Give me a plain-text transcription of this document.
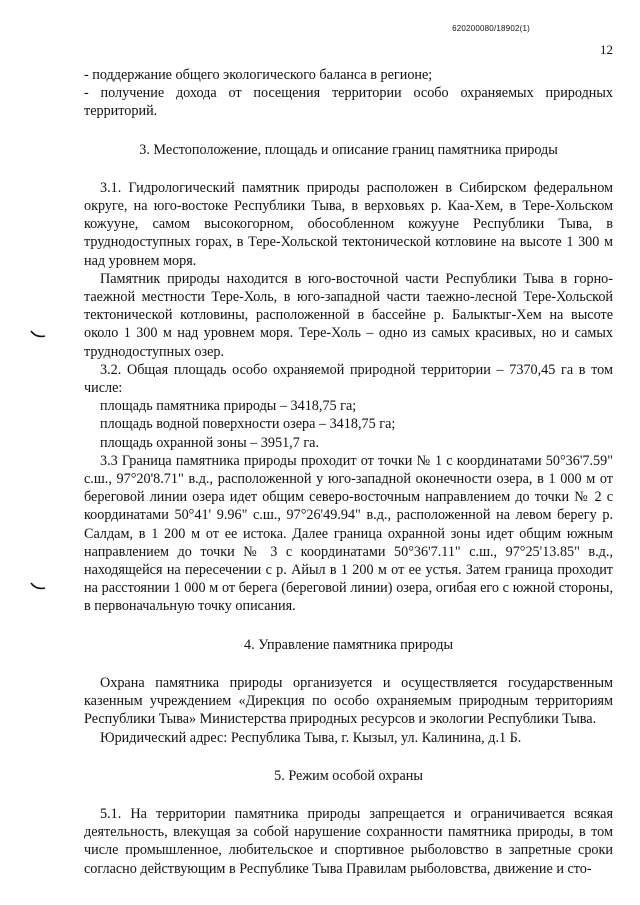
620200080/18902(1)
12

- поддержание общего экологического баланса в регионе;

- получение дохода от посещения территории особо охраняемых природных территорий.

3. Местоположение, площадь и описание границ памятника природы

3.1. Гидрологический памятник природы расположен в Сибирском федеральном округе, на юго-востоке Республики Тыва, в верховьях р. Каа-Хем, в Тере-Хольском кожууне, самом высокогорном, обособленном кожууне Республики Тыва, в труднодоступных горах, в Тере-Хольской тектонической котловине на высоте 1 300 м над уровнем моря.

Памятник природы находится в юго-восточной части Республики Тыва в горно-таежной местности Тере-Холь, в юго-западной части таежно-лесной Тере-Хольской тектонической котловины, расположенной в бассейне р. Балыктыг-Хем на высоте около 1 300 м над уровнем моря. Тере-Холь – одно из самых красивых, но и самых труднодоступных озер.

3.2. Общая площадь особо охраняемой природной территории – 7370,45 га в том числе:

площадь памятника природы – 3418,75 га;

площадь водной поверхности озера – 3418,75 га;

площадь охранной зоны – 3951,7 га.

3.3 Граница памятника природы проходит от точки № 1 с координатами 50°36'7.59" с.ш., 97°20'8.71" в.д., расположенной у юго-западной оконечности озера, в 1 000 м от береговой линии озера идет общим северо-восточным направлением до точки № 2 с координатами 50°41' 9.96" с.ш., 97°26'49.94" в.д., расположенной на левом берегу р. Салдам, в 1 200 м от ее истока. Далее граница охранной зоны идет общим южным направлением до точки № 3 с координатами 50°36'7.11" с.ш., 97°25'13.85" в.д., находящейся на пересечении с р. Айыл в 1 200 м от ее устья. Затем граница проходит на расстоянии 1 000 м от берега (береговой линии) озера, огибая его с южной стороны, в первоначальную точку описания.

4. Управление памятника природы

Охрана памятника природы организуется и осуществляется государственным казенным учреждением «Дирекция по особо охраняемым природным территориям Республики Тыва» Министерства природных ресурсов и экологии Республики Тыва.

Юридический адрес: Республика Тыва, г. Кызыл, ул. Калинина, д.1 Б.

5. Режим особой охраны

5.1. На территории памятника природы запрещается и ограничивается всякая деятельность, влекущая за собой нарушение сохранности памятника природы, в том числе промышленное, любительское и спортивное рыболовство в запретные сроки согласно действующим в Республике Тыва Правилам рыболовства, движение и сто-
